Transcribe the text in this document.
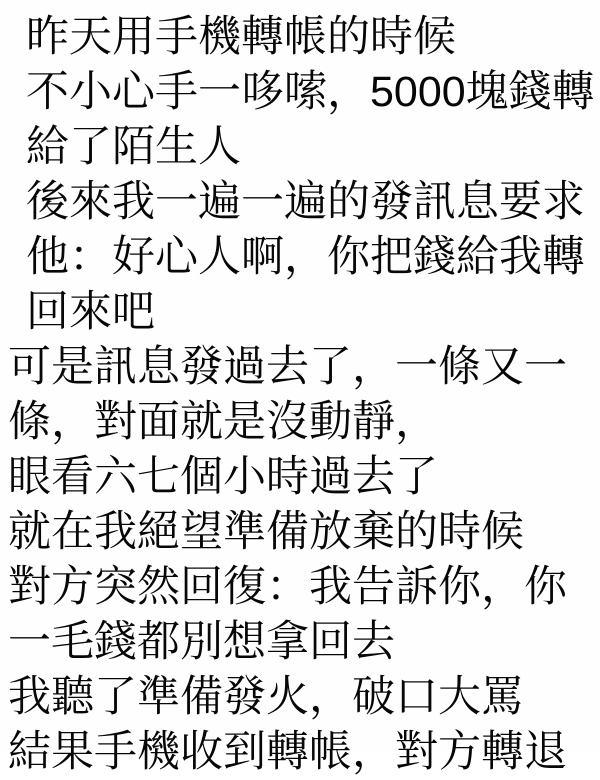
昨天用手機轉帳的時候
不小心手一哆嗦，5000塊錢轉
給了陌生人
後來我一遍一遍的發訊息要求
他：好心人啊，你把錢給我轉
回來吧
可是訊息發過去了，一條又一
條，對面就是沒動靜，
眼看六七個小時過去了
就在我絕望準備放棄的時候
對方突然回復：我告訴你，你
一毛錢都別想拿回去
我聽了準備發火，破口大罵
結果手機收到轉帳，對方轉退
